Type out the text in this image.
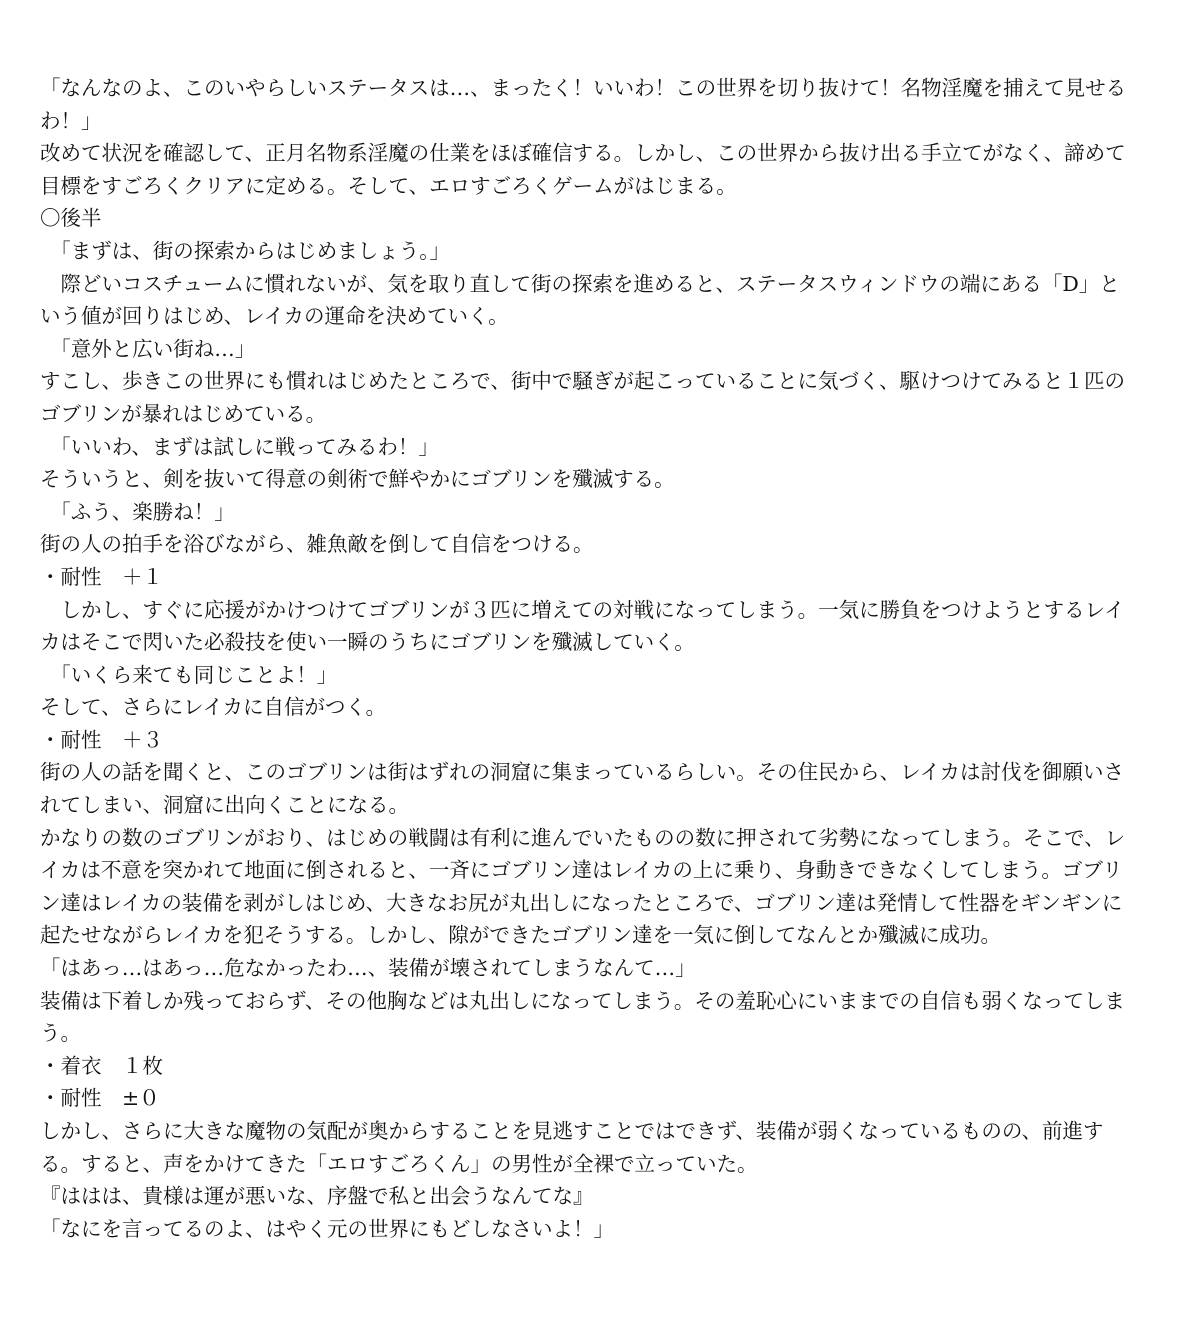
「なんなのよ、このいやらしいステータスは…、まったく！いいわ！この世界を切り抜けて！名物淫魔を捕えて見せるわ！」

改めて状況を確認して、正月名物系淫魔の仕業をほぼ確信する。しかし、この世界から抜け出る手立てがなく、諦めて目標をすごろくクリアに定める。そして、エロすごろくゲームがはじまる。

〇後半

　「まずは、街の探索からはじめましょう。」

　際どいコスチュームに慣れないが、気を取り直して街の探索を進めると、ステータスウィンドウの端にある「D」という値が回りはじめ、レイカの運命を決めていく。

　「意外と広い街ね…」

すこし、歩きこの世界にも慣れはじめたところで、街中で騒ぎが起こっていることに気づく、駆けつけてみると１匹のゴブリンが暴れはじめている。

　「いいわ、まずは試しに戦ってみるわ！」

そういうと、剣を抜いて得意の剣術で鮮やかにゴブリンを殲滅する。

　「ふう、楽勝ね！」

街の人の拍手を浴びながら、雑魚敵を倒して自信をつける。

・耐性　＋１

　しかし、すぐに応援がかけつけてゴブリンが３匹に増えての対戦になってしまう。一気に勝負をつけようとするレイカはそこで閃いた必殺技を使い一瞬のうちにゴブリンを殲滅していく。

　「いくら来ても同じことよ！」

そして、さらにレイカに自信がつく。

・耐性　＋３

街の人の話を聞くと、このゴブリンは街はずれの洞窟に集まっているらしい。その住民から、レイカは討伐を御願いされてしまい、洞窟に出向くことになる。

かなりの数のゴブリンがおり、はじめの戦闘は有利に進んでいたものの数に押されて劣勢になってしまう。そこで、レイカは不意を突かれて地面に倒されると、一斉にゴブリン達はレイカの上に乗り、身動きできなくしてしまう。ゴブリン達はレイカの装備を剥がしはじめ、大きなお尻が丸出しになったところで、ゴブリン達は発情して性器をギンギンに起たせながらレイカを犯そうする。しかし、隙ができたゴブリン達を一気に倒してなんとか殲滅に成功。

「はあっ…はあっ…危なかったわ…、装備が壊されてしまうなんて…」

装備は下着しか残っておらず、その他胸などは丸出しになってしまう。その羞恥心にいままでの自信も弱くなってしまう。

・着衣　１枚

・耐性　±０

しかし、さらに大きな魔物の気配が奥からすることを見逃すことではできず、装備が弱くなっているものの、前進する。すると、声をかけてきた「エロすごろくん」の男性が全裸で立っていた。

『ははは、貴様は運が悪いな、序盤で私と出会うなんてな』

「なにを言ってるのよ、はやく元の世界にもどしなさいよ！」
